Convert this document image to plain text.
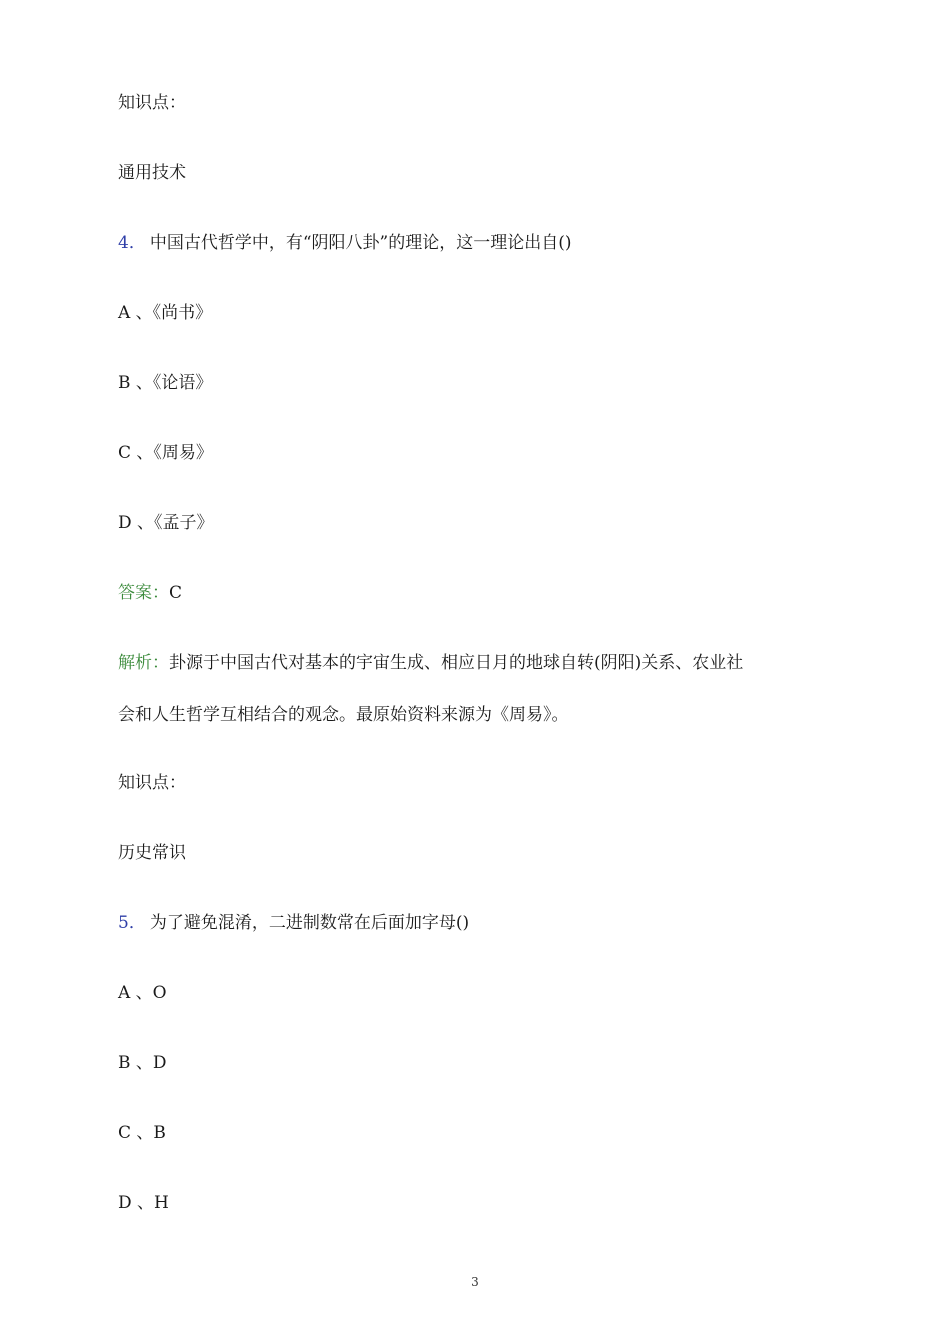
知识点：
通用技术
4． 中国古代哲学中，有“阴阳八卦”的理论，这一理论出自()
A 、《尚书》
B 、《论语》
C 、《周易》
D 、《孟子》
答案：C
解析：卦源于中国古代对基本的宇宙生成、相应日月的地球自转(阴阳)关系、农业社
会和人生哲学互相结合的观念。最原始资料来源为《周易》。
知识点：
历史常识
5． 为了避免混淆，二进制数常在后面加字母()
A 、O
B 、D
C 、B
D 、H
3
